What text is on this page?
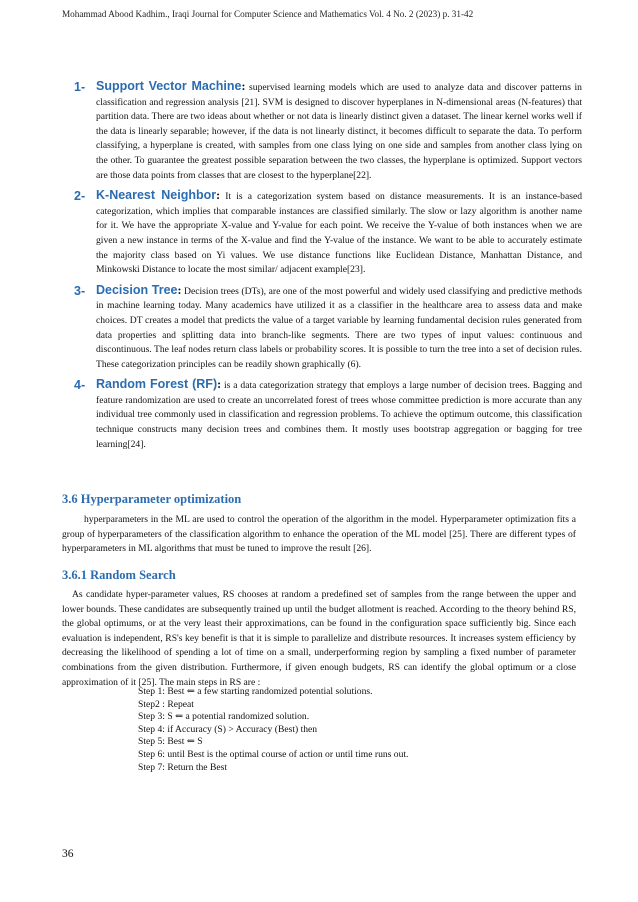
Mohammad Abood Kadhim., Iraqi Journal for Computer Science and Mathematics Vol. 4 No. 2 (2023) p. 31-42
1- Support Vector Machine: supervised learning models which are used to analyze data and discover patterns in classification and regression analysis [21]. SVM is designed to discover hyperplanes in N-dimensional areas (N-features) that partition data. There are two ideas about whether or not data is linearly distinct given a dataset. The linear kernel works well if the data is linearly separable; however, if the data is not linearly distinct, it becomes difficult to separate the data. To perform classifying, a hyperplane is created, with samples from one class lying on one side and samples from another class lying on the other. To guarantee the greatest possible separation between the two classes, the hyperplane is optimized. Support vectors are those data points from classes that are closest to the hyperplane[22].
2- K-Nearest Neighbor: It is a categorization system based on distance measurements. It is an instance-based categorization, which implies that comparable instances are classified similarly. The slow or lazy algorithm is another name for it. We have the appropriate X-value and Y-value for each point. We receive the Y-value of both instances when we are given a new instance in terms of the X-value and find the Y-value of the instance. We want to be able to accurately estimate the majority class based on Yi values. We use distance functions like Euclidean Distance, Manhattan Distance, and Minkowski Distance to locate the most similar/ adjacent example[23].
3- Decision Tree: Decision trees (DTs), are one of the most powerful and widely used classifying and predictive methods in machine learning today. Many academics have utilized it as a classifier in the healthcare area to assess data and make choices. DT creates a model that predicts the value of a target variable by learning fundamental decision rules generated from data properties and splitting data into branch-like segments. There are two types of input values: continuous and discontinuous. The leaf nodes return class labels or probability scores. It is possible to turn the tree into a set of decision rules. These categorization principles can be readily shown graphically (6).
4- Random Forest (RF): is a data categorization strategy that employs a large number of decision trees. Bagging and feature randomization are used to create an uncorrelated forest of trees whose committee prediction is more accurate than any individual tree commonly used in classification and regression problems. To achieve the optimum outcome, this classification technique constructs many decision trees and combines them. It mostly uses bootstrap aggregation or bagging for tree learning[24].
3.6 Hyperparameter optimization

hyperparameters in the ML are used to control the operation of the algorithm in the model. Hyperparameter optimization fits a group of hyperparameters of the classification algorithm to enhance the operation of the ML model [25]. There are different types of hyperparameters in ML algorithms that must be tuned to improve the result [26].

3.6.1 Random Search

As candidate hyper-parameter values, RS chooses at random a predefined set of samples from the range between the upper and lower bounds. These candidates are subsequently trained up until the budget allotment is reached. According to the theory behind RS, the global optimums, or at the very least their approximations, can be found in the configuration space sufficiently big. Since each evaluation is independent, RS's key benefit is that it is simple to parallelize and distribute resources. It increases system efficiency by decreasing the likelihood of spending a lot of time on a small, underperforming region by sampling a fixed number of parameter combinations from the given distribution. Furthermore, if given enough budgets, RS can identify the global optimum or a close approximation of it [25]. The main steps in RS are :

Step 1: Best ⇐ a few starting randomized potential solutions.
Step2 : Repeat
Step 3: S ⇐ a potential randomized solution.
Step 4: if Accuracy (S) > Accuracy (Best) then
Step 5: Best ⇐ S
Step 6: until Best is the optimal course of action or until time runs out.
Step 7: Return the Best
36
